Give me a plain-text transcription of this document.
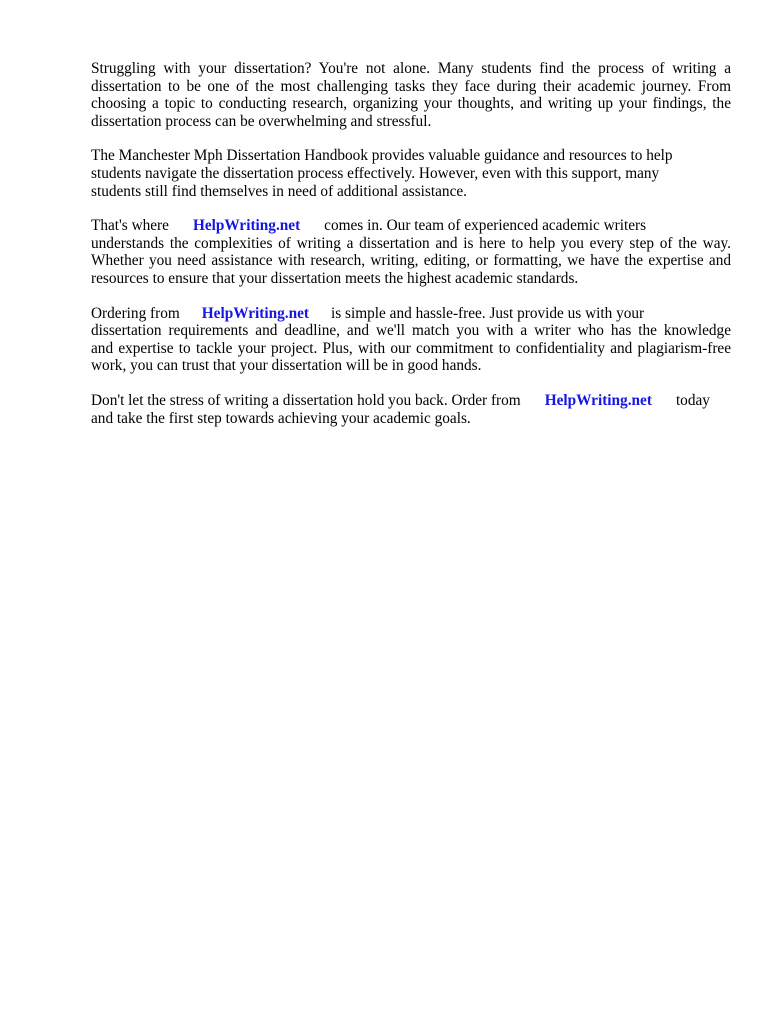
Struggling with your dissertation? You're not alone. Many students find the process of writing a
dissertation to be one of the most challenging tasks they face during their academic journey. From
choosing a topic to conducting research, organizing your thoughts, and writing up your findings, the
dissertation process can be overwhelming and stressful.

The Manchester Mph Dissertation Handbook provides valuable guidance and resources to help
students navigate the dissertation process effectively. However, even with this support, many
students still find themselves in need of additional assistance.

That's where HelpWriting.net comes in. Our team of experienced academic writers
understands the complexities of writing a dissertation and is here to help you every step of the way.
Whether you need assistance with research, writing, editing, or formatting, we have the expertise and
resources to ensure that your dissertation meets the highest academic standards.

Ordering from HelpWriting.net is simple and hassle-free. Just provide us with your
dissertation requirements and deadline, and we'll match you with a writer who has the knowledge
and expertise to tackle your project. Plus, with our commitment to confidentiality and plagiarism-free
work, you can trust that your dissertation will be in good hands.

Don't let the stress of writing a dissertation hold you back. Order from HelpWriting.net today
and take the first step towards achieving your academic goals.
